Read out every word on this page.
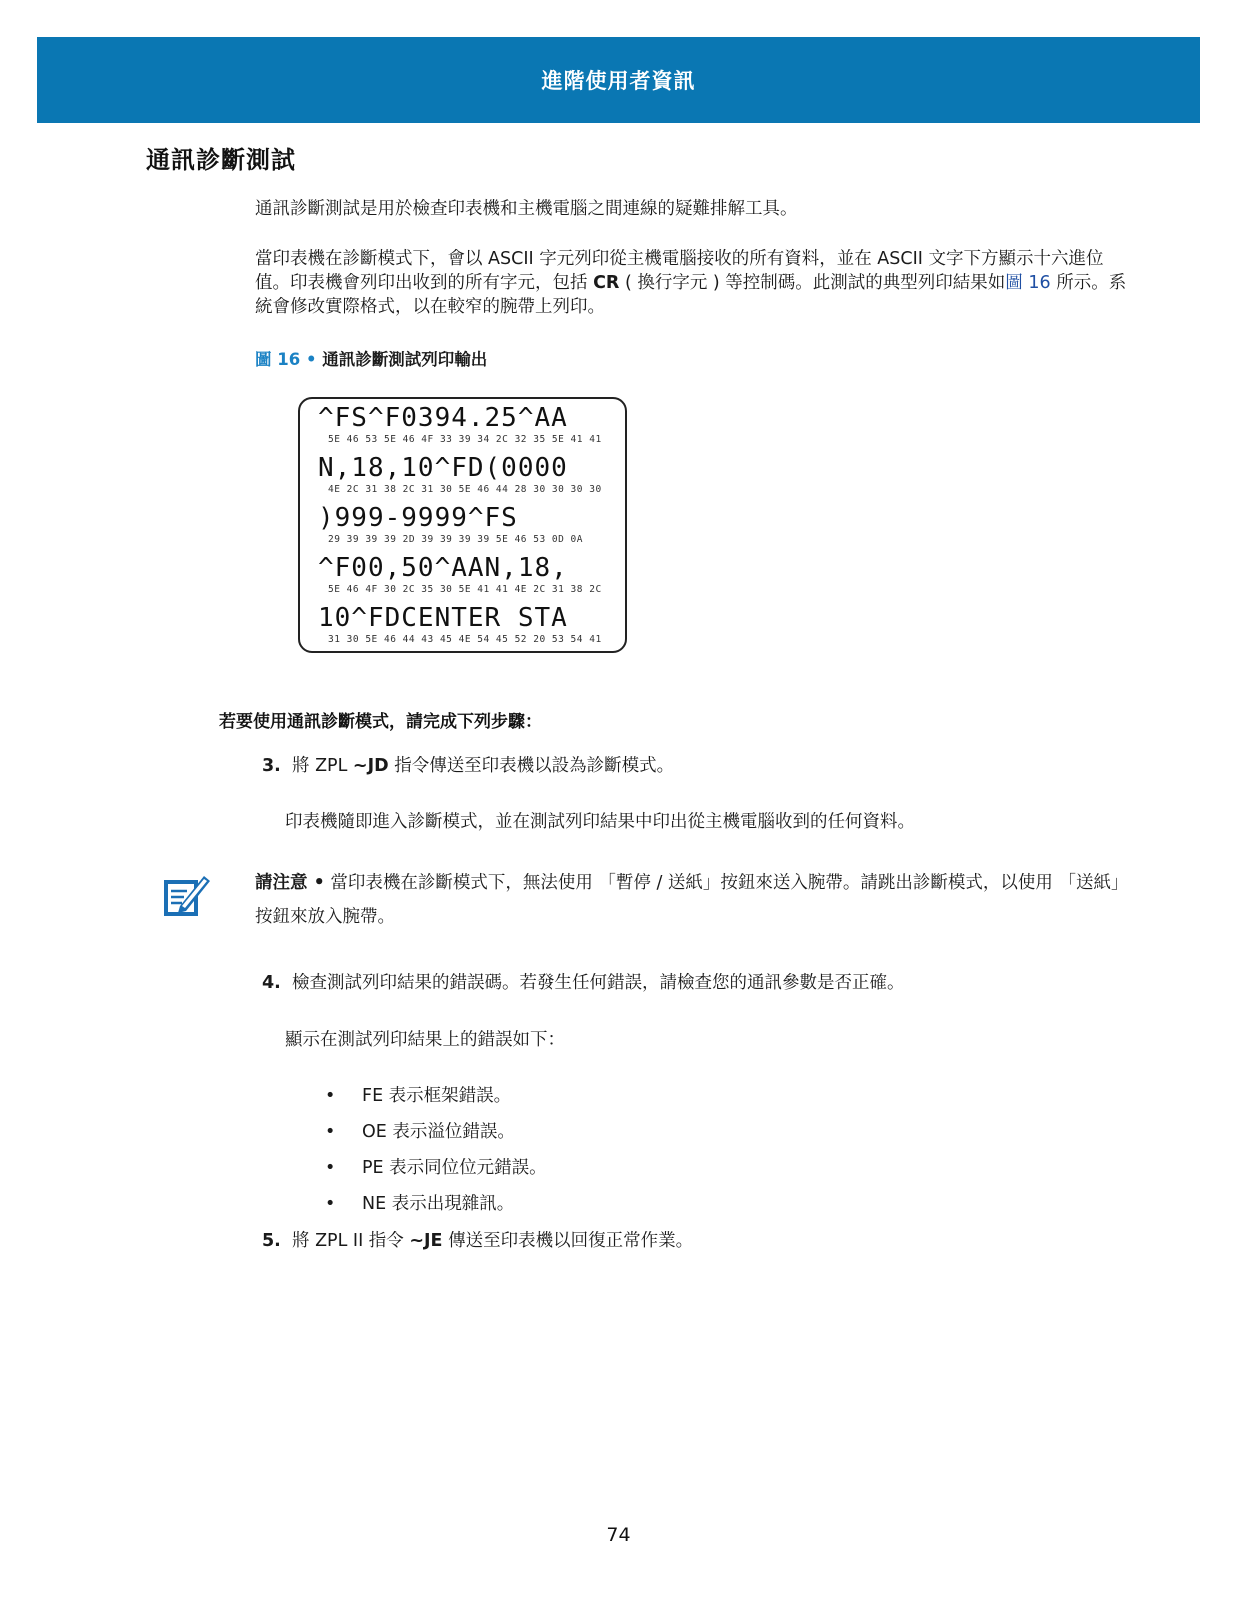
進階使用者資訊
通訊診斷測試
通訊診斷測試是用於檢查印表機和主機電腦之間連線的疑難排解工具。
當印表機在診斷模式下，會以 ASCII 字元列印從主機電腦接收的所有資料，並在 ASCII 文字下方顯示十六進位值。印表機會列印出收到的所有字元，包括 CR ( 換行字元 ) 等控制碼。此測試的典型列印結果如圖 16 所示。系統會修改實際格式，以在較窄的腕帶上列印。
圖 16 • 通訊診斷測試列印輸出
^FS^F0394.25^AA
5E 46 53 5E 46 4F 33 39 34 2C 32 35 5E 41 41
N,18,10^FD(0000
4E 2C 31 38 2C 31 30 5E 46 44 28 30 30 30 30
)999-9999^FS
29 39 39 39 2D 39 39 39 39 5E 46 53 0D 0A
^F00,50^AAN,18,
5E 46 4F 30 2C 35 30 5E 41 41 4E 2C 31 38 2C
10^FDCENTER STA
31 30 5E 46 44 43 45 4E 54 45 52 20 53 54 41
若要使用通訊診斷模式，請完成下列步驟：
3. 將 ZPL ~JD 指令傳送至印表機以設為診斷模式。
印表機隨即進入診斷模式，並在測試列印結果中印出從主機電腦收到的任何資料。
請注意 • 當印表機在診斷模式下，無法使用 「暫停 / 送紙」按鈕來送入腕帶。請跳出診斷模式，以使用 「送紙」按鈕來放入腕帶。
4. 檢查測試列印結果的錯誤碼。若發生任何錯誤，請檢查您的通訊參數是否正確。
顯示在測試列印結果上的錯誤如下：
• FE 表示框架錯誤。
• OE 表示溢位錯誤。
• PE 表示同位位元錯誤。
• NE 表示出現雜訊。
5. 將 ZPL II 指令 ~JE 傳送至印表機以回復正常作業。
74
